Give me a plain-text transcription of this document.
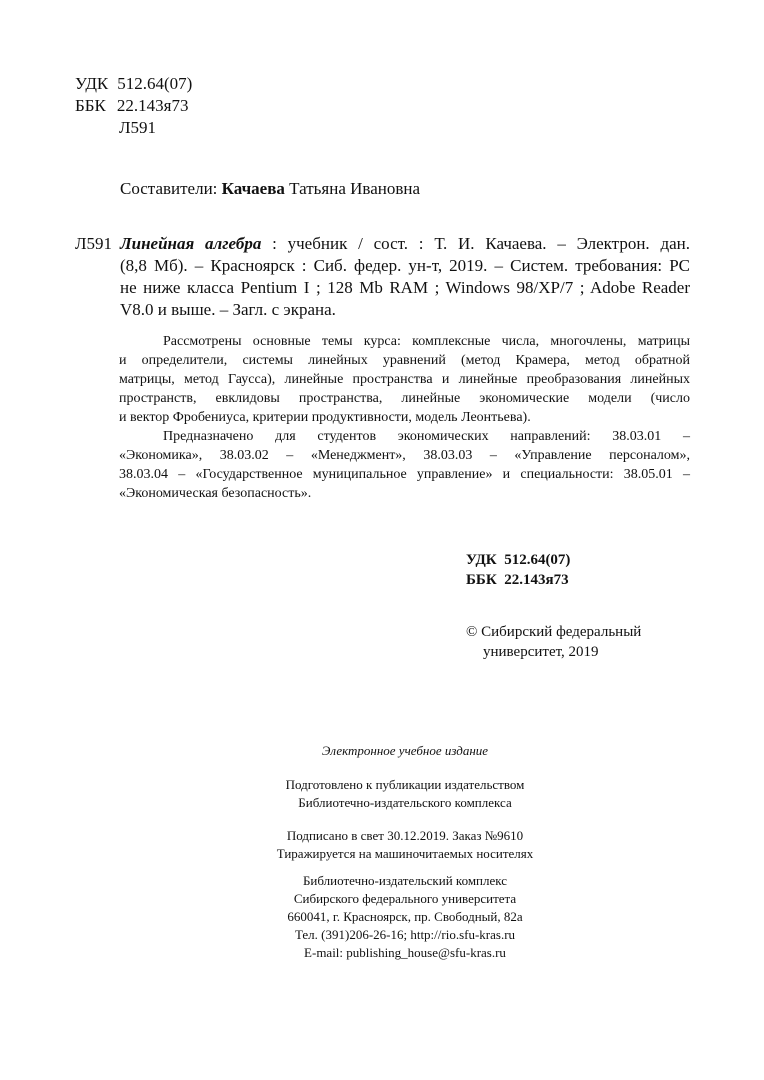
УДК 512.64(07)
ББК 22.143я73
Л591
Составители: Качаева Татьяна Ивановна
Л591 Линейная алгебра : учебник / сост. : Т. И. Качаева. – Электрон. дан.
(8,8 Мб). – Красноярск : Сиб. федер. ун-т, 2019. – Систем. требования: PC
не ниже класса Pentium I ; 128 Mb RAM ; Windows 98/XP/7 ; Adobe Reader
V8.0 и выше. – Загл. с экрана.
Рассмотрены основные темы курса: комплексные числа, многочлены, матрицы
и определители, системы линейных уравнений (метод Крамера, метод обратной
матрицы, метод Гаусса), линейные пространства и линейные преобразования линейных
пространств, евклидовы пространства, линейные экономические модели (число
и вектор Фробениуса, критерии продуктивности, модель Леонтьева).
Предназначено для студентов экономических направлений: 38.03.01 –
«Экономика», 38.03.02 – «Менеджмент», 38.03.03 – «Управление персоналом»,
38.03.04 – «Государственное муниципальное управление» и специальности: 38.05.01 –
«Экономическая безопасность».
УДК  512.64(07)
ББК  22.143я73
© Сибирский федеральный
университет, 2019
Электронное учебное издание
Подготовлено к публикации издательством
Библиотечно-издательского комплекса
Подписано в свет 30.12.2019. Заказ №9610
Тиражируется на машиночитаемых носителях
Библиотечно-издательский комплекс
Сибирского федерального университета
660041, г. Красноярск, пр. Свободный, 82а
Тел. (391)206-26-16; http://rio.sfu-kras.ru
E-mail: publishing_house@sfu-kras.ru
